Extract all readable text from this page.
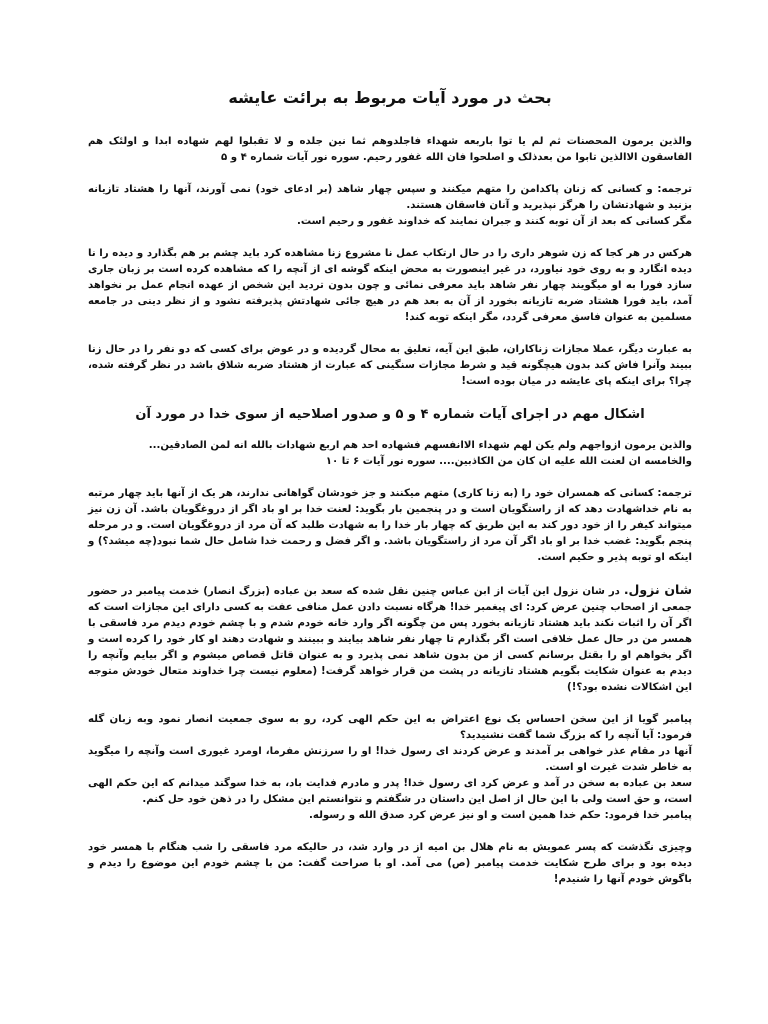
بحث در مورد آیات مربوط به برائت عایشه
والذین یرمون المحصنات ثم لم یا توا باربعه شهداء فاجلدوهم ثما نین جلده و لا تقبلوا لهم شهاده ابدا و اولئک هم الفاسقون الاالذین تابوا من بعدذلک و اصلحوا فان الله غفور رحیم. سوره نور آیات شماره ۴ و ۵
ترجمه: و کسانی که زنان پاکدامن را متهم میکنند و سپس چهار شاهد (بر ادعای خود) نمی آورند، آنها را هشتاد تازیانه بزنید و شهادتشان را هرگز نپذیرید و آنان فاسقان هستند.
مگر کسانی که بعد از آن توبه کنند و جبران نمایند که خداوند غفور و رحیم است.
هرکس در هر کجا که زن شوهر داری را در حال ارتکاب عمل نا مشروع زنا مشاهده کرد باید چشم بر هم بگذارد و دیده را نا دیده انگارد و به روی خود نیاورد، در غیر اینصورت به محض اینکه گوشه ای از آنچه را که مشاهده کرده است بر زبان جاری سازد فورا به او میگویند چهار نفر شاهد باید معرفی نمائی و چون بدون تردید این شخص از عهده انجام عمل بر نخواهد آمد، باید فورا هشتاد ضربه تازیانه بخورد از آن به بعد هم در هیچ جائی شهادتش پذیرفته نشود و از نظر دینی در جامعه مسلمین به عنوان فاسق معرفی گردد، مگر اینکه توبه کند!
به عبارت دیگر، عملا مجازات زناکاران، طبق این آیه، تعلیق به محال گردیده و در عوض برای کسی که دو نفر را در حال زنا ببیند وآنرا فاش کند بدون هیچگونه قید و شرط مجازات سنگینی که عبارت از هشتاد ضربه شلاق باشد در نظر گرفته شده، چرا؟ برای اینکه پای عایشه در میان بوده است!
اشکال مهم در اجرای آیات شماره ۴ و ۵ و صدور اصلاحیه از سوی خدا در مورد آن
والذین یرمون ازواجهم ولم یکن لهم شهداء الاانفسهم فشهاده احد هم اربع شهادات بالله انه لمن الصادقین...
والخامسه ان لعنت الله علیه ان کان من الکاذبین.... سوره نور آیات ۶ تا ۱۰
ترجمه: کسانی که همسران خود را (به زنا کاری) متهم میکنند و جز خودشان گواهانی ندارند، هر یک از آنها باید چهار مرتبه به نام خداشهادت دهد که از راستگویان است و در پنجمین بار بگوید: لعنت خدا بر او باد اگر از دروغگویان باشد. آن زن نیز میتواند کیفر را از خود دور کند به این طریق که چهار بار خدا را به شهادت طلبد که آن مرد از دروغگویان است. و در مرحله پنجم بگوید: غضب خدا بر او باد اگر آن مرد از راستگویان باشد. و اگر فضل و رحمت خدا شامل حال شما نبود(چه میشد؟) و اینکه او توبه پذیر و حکیم است.
شان نزول. در شان نزول این آیات از ابن عباس چنین نقل شده که سعد بن عباده (بزرگ انصار) خدمت پیامبر در حضور جمعی از اصحاب چنین عرض کرد: ای پیغمبر خدا! هرگاه نسبت دادن عمل منافی عفت به کسی دارای این مجازات است که اگر آن را اثبات نکند باید هشتاد تازیانه بخورد پس من چگونه اگر وارد خانه خودم شدم و با چشم خودم دیدم مرد فاسقی با همسر من در حال عمل خلافی است اگر بگذارم تا چهار نفر شاهد بیایند و ببینند و شهادت دهند او کار خود را کرده است و اگر بخواهم او را بقتل برسانم کسی از من بدون شاهد نمی پذیرد و به عنوان قاتل قصاص میشوم و اگر بیایم وآنچه را دیدم به عنوان شکایت بگویم هشتاد تازیانه در پشت من قرار خواهد گرفت! (معلوم نیست چرا خداوند متعال خودش متوجه این اشکالات نشده بود؟!)
پیامبر گویا از این سخن احساس یک نوع اعتراض به این حکم الهی کرد، رو به سوی جمعیت انصار نمود وبه زبان گله فرمود: آیا آنچه را که بزرگ شما گفت نشنیدید؟
آنها در مقام عذر خواهی بر آمدند و عرض کردند ای رسول خدا! او را سرزنش مفرما، اومرد غیوری است وآنچه را میگوید به خاطر شدت غیرت او است.
سعد بن عباده به سخن در آمد و عرض کرد ای رسول خدا! پدر و مادرم فدایت باد، به خدا سوگند میدانم که این حکم الهی است، و حق است ولی با این حال از اصل این داستان در شگفتم و نتوانستم این مشکل را در ذهن خود حل کنم.
پیامبر خدا فرمود: حکم خدا همین است و او نیز عرض کرد صدق الله و رسوله.
وچیزی نگذشت که پسر عمویش به نام هلال بن امیه از در وارد شد، در حالیکه مرد فاسقی را شب هنگام با همسر خود دیده بود و برای طرح شکایت خدمت پیامبر (ص) می آمد. او با صراحت گفت: من با چشم خودم این موضوع را دیدم و باگوش خودم آنها را شنیدم!
